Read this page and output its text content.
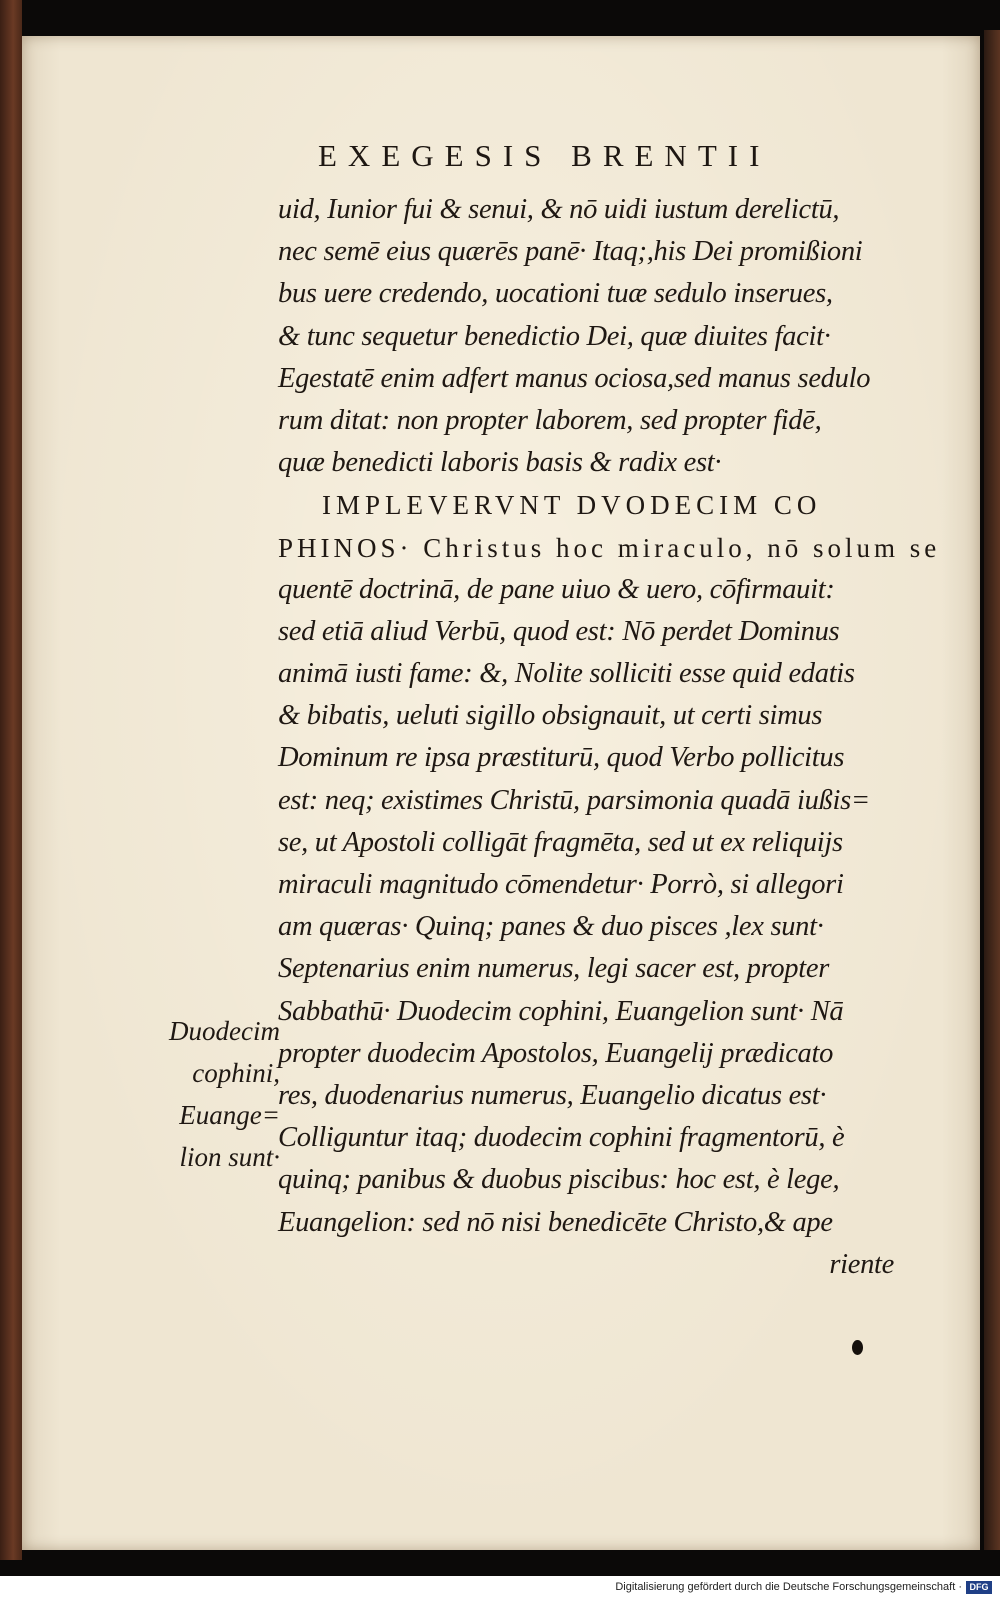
EXEGESIS BRENTII
uid, Iunior fui & senui, & nō uidi iustum derelictū,
nec semē eius quærēs panē· Itaq;,his Dei promißioni
bus uere credendo, uocationi tuæ sedulo inserues,
& tunc sequetur benedictio Dei, quæ diuites facit·
Egestatē enim adfert manus ociosa,sed manus sedulo
rum ditat: non propter laborem, sed propter fidē,
quæ benedicti laboris basis & radix est·
IMPLEVERVNT DVODECIM CO
PHINOS· Christus hoc miraculo, nō solum se
quentē doctrinā, de pane uiuo & uero, cōfirmauit:
sed etiā aliud Verbū, quod est: Nō perdet Dominus
animā iusti fame: &, Nolite solliciti esse quid edatis
& bibatis, ueluti sigillo obsignauit, ut certi simus
Dominum re ipsa præstiturū, quod Verbo pollicitus
est: neq; existimes Christū, parsimonia quadā iußis=
se, ut Apostoli colligāt fragmēta, sed ut ex reliquijs
miraculi magnitudo cōmendetur· Porrò, si allegori
am quæras· Quinq; panes & duo pisces ,lex sunt·
Septenarius enim numerus, legi sacer est, propter
Sabbathū· Duodecim cophini, Euangelion sunt· Nā
propter duodecim Apostolos, Euangelij prædicato
res, duodenarius numerus, Euangelio dicatus est·
Colliguntur itaq; duodecim cophini fragmentorū, è
quinq; panibus & duobus piscibus: hoc est, è lege,
Euangelion: sed nō nisi benedicēte Christo,& ape
riente
Duodecim
cophini,
Euange=
lion sunt·
Digitalisierung gefördert durch die Deutsche Forschungsgemeinschaft · DFG
